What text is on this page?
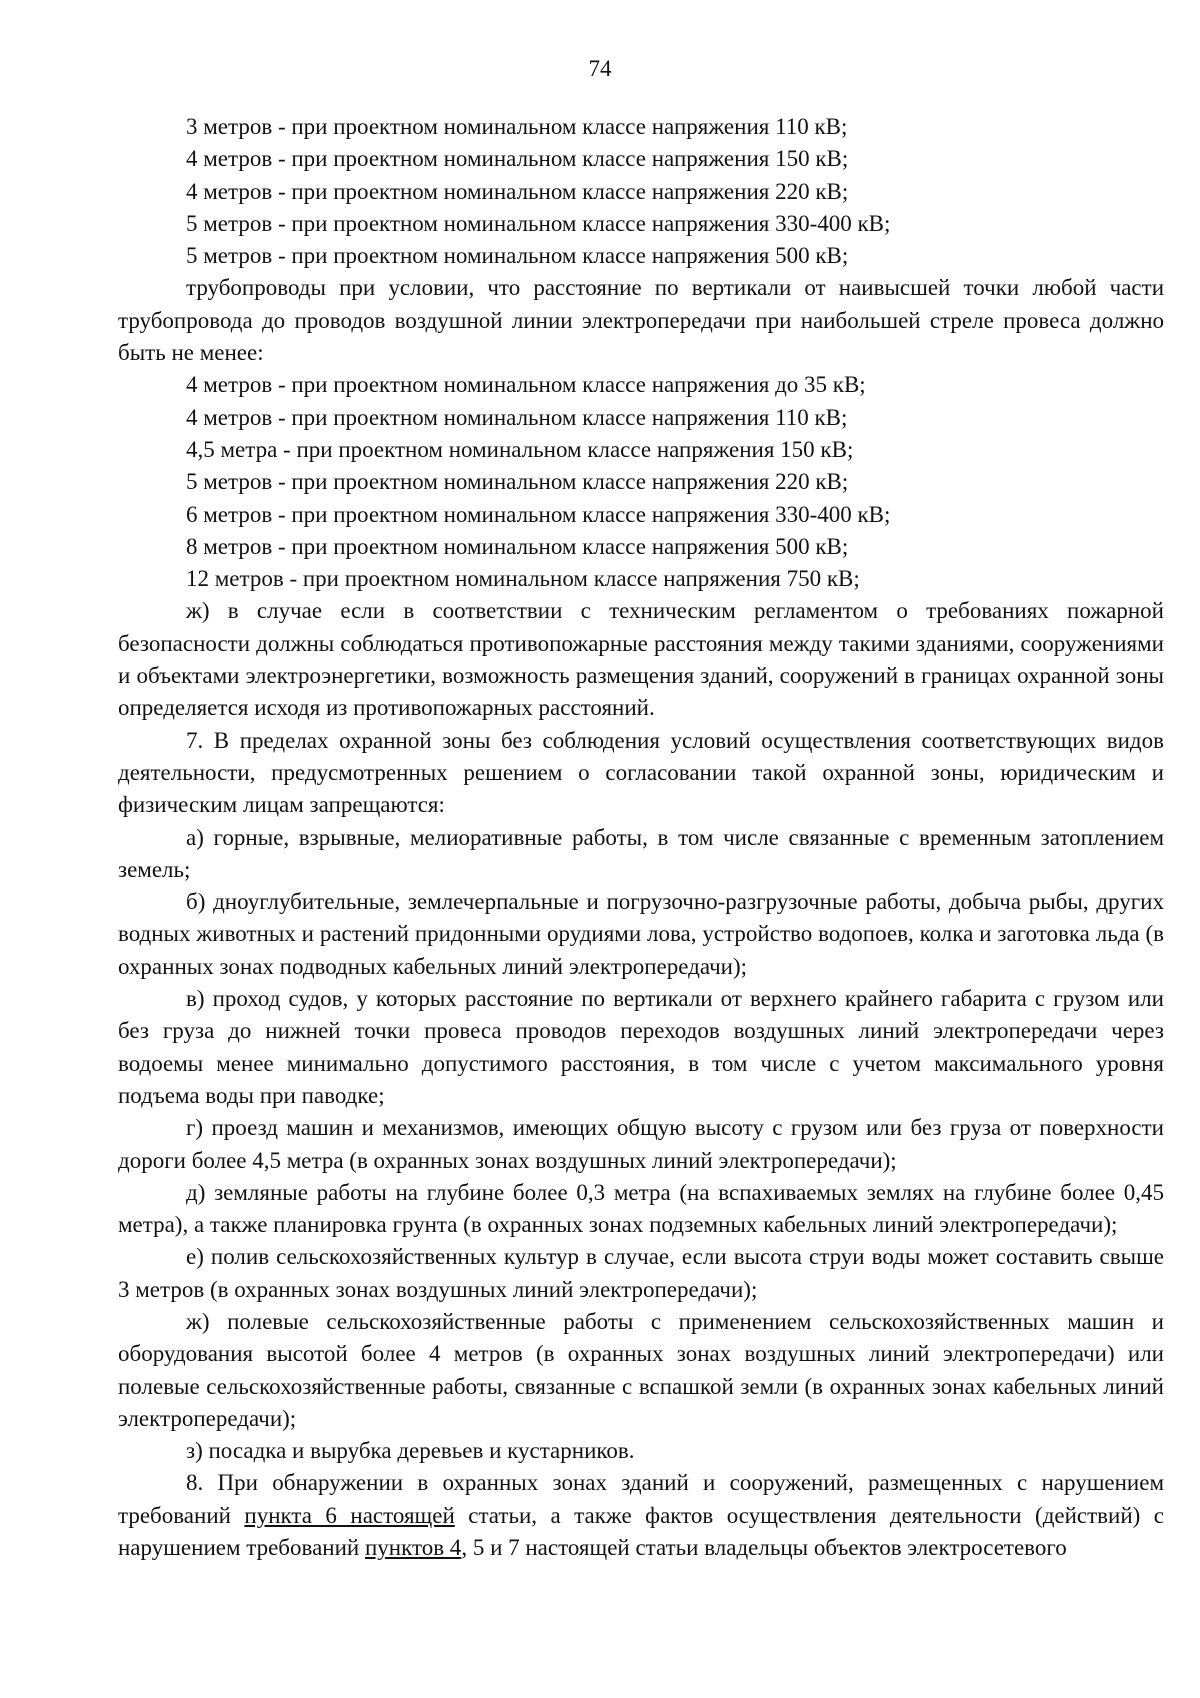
74
3 метров - при проектном номинальном классе напряжения 110 кВ;
4 метров - при проектном номинальном классе напряжения 150 кВ;
4 метров - при проектном номинальном классе напряжения 220 кВ;
5 метров - при проектном номинальном классе напряжения 330-400 кВ;
5 метров - при проектном номинальном классе напряжения 500 кВ;

трубопроводы при условии, что расстояние по вертикали от наивысшей точки любой части трубопровода до проводов воздушной линии электропередачи при наибольшей стреле провеса должно быть не менее:

4 метров - при проектном номинальном классе напряжения до 35 кВ;
4 метров - при проектном номинальном классе напряжения 110 кВ;
4,5 метра - при проектном номинальном классе напряжения 150 кВ;
5 метров - при проектном номинальном классе напряжения 220 кВ;
6 метров - при проектном номинальном классе напряжения 330-400 кВ;
8 метров - при проектном номинальном классе напряжения 500 кВ;
12 метров - при проектном номинальном классе напряжения 750 кВ;

ж) в случае если в соответствии с техническим регламентом о требованиях пожарной безопасности должны соблюдаться противопожарные расстояния между такими зданиями, сооружениями и объектами электроэнергетики, возможность размещения зданий, сооружений в границах охранной зоны определяется исходя из противопожарных расстояний.

7. В пределах охранной зоны без соблюдения условий осуществления соответствующих видов деятельности, предусмотренных решением о согласовании такой охранной зоны, юридическим и физическим лицам запрещаются:

а) горные, взрывные, мелиоративные работы, в том числе связанные с временным затоплением земель;

б) дноуглубительные, землечерпальные и погрузочно-разгрузочные работы, добыча рыбы, других водных животных и растений придонными орудиями лова, устройство водопоев, колка и заготовка льда (в охранных зонах подводных кабельных линий электропередачи);

в) проход судов, у которых расстояние по вертикали от верхнего крайнего габарита с грузом или без груза до нижней точки провеса проводов переходов воздушных линий электропередачи через водоемы менее минимально допустимого расстояния, в том числе с учетом максимального уровня подъема воды при паводке;

г) проезд машин и механизмов, имеющих общую высоту с грузом или без груза от поверхности дороги более 4,5 метра (в охранных зонах воздушных линий электропередачи);

д) земляные работы на глубине более 0,3 метра (на вспахиваемых землях на глубине более 0,45 метра), а также планировка грунта (в охранных зонах подземных кабельных линий электропередачи);

е) полив сельскохозяйственных культур в случае, если высота струи воды может составить свыше 3 метров (в охранных зонах воздушных линий электропередачи);

ж) полевые сельскохозяйственные работы с применением сельскохозяйственных машин и оборудования высотой более 4 метров (в охранных зонах воздушных линий электропередачи) или полевые сельскохозяйственные работы, связанные с вспашкой земли (в охранных зонах кабельных линий электропередачи);

з) посадка и вырубка деревьев и кустарников.

8. При обнаружении в охранных зонах зданий и сооружений, размещенных с нарушением требований пункта 6 настоящей статьи, а также фактов осуществления деятельности (действий) с нарушением требований пунктов 4, 5 и 7 настоящей статьи владельцы объектов электросетевого
